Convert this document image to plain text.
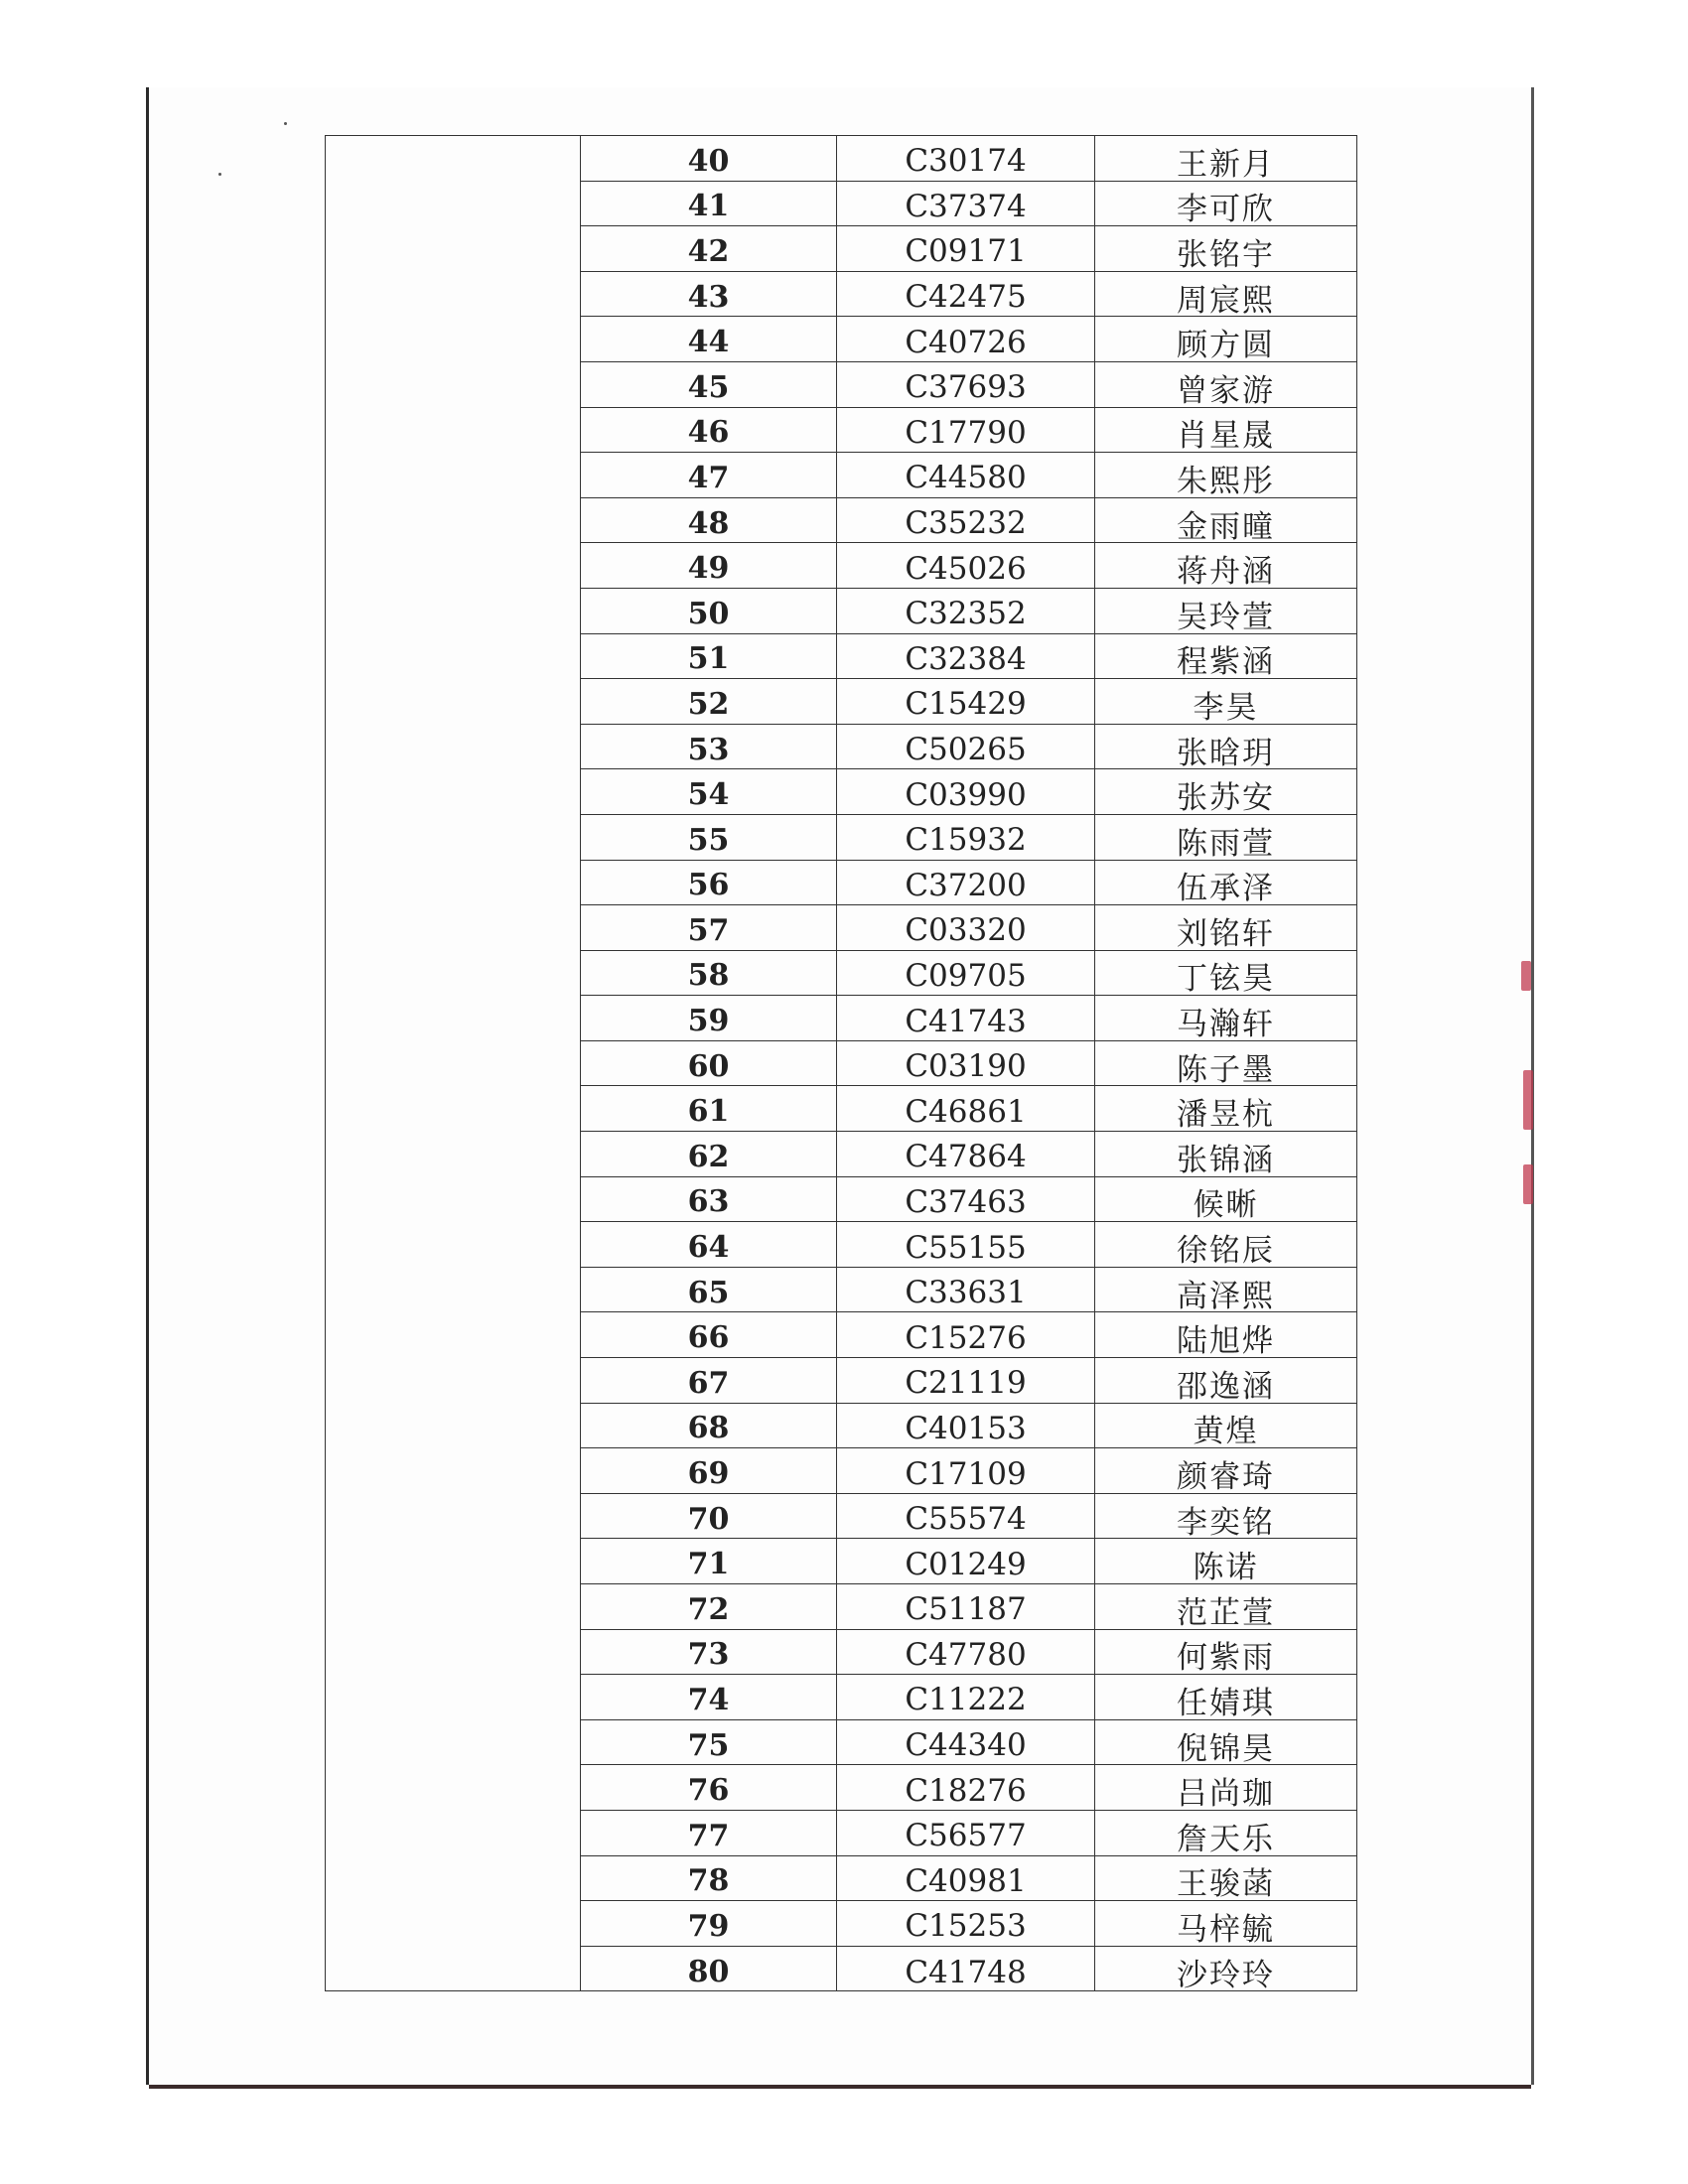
40	C30174	王新月
41	C37374	李可欣
42	C09171	张铭宇
43	C42475	周宸熙
44	C40726	顾方圆
45	C37693	曾家游
46	C17790	肖星晟
47	C44580	朱熙彤
48	C35232	金雨曈
49	C45026	蒋舟涵
50	C32352	吴玲萱
51	C32384	程紫涵
52	C15429	李昊
53	C50265	张晗玥
54	C03990	张苏安
55	C15932	陈雨萱
56	C37200	伍承泽
57	C03320	刘铭轩
58	C09705	丁铉昊
59	C41743	马瀚轩
60	C03190	陈子墨
61	C46861	潘昱杭
62	C47864	张锦涵
63	C37463	候晰
64	C55155	徐铭辰
65	C33631	高泽熙
66	C15276	陆旭烨
67	C21119	邵逸涵
68	C40153	黄煌
69	C17109	颜睿琦
70	C55574	李奕铭
71	C01249	陈诺
72	C51187	范芷萱
73	C47780	何紫雨
74	C11222	任婧琪
75	C44340	倪锦昊
76	C18276	吕尚珈
77	C56577	詹天乐
78	C40981	王骏菡
79	C15253	马梓毓
80	C41748	沙玲玲
